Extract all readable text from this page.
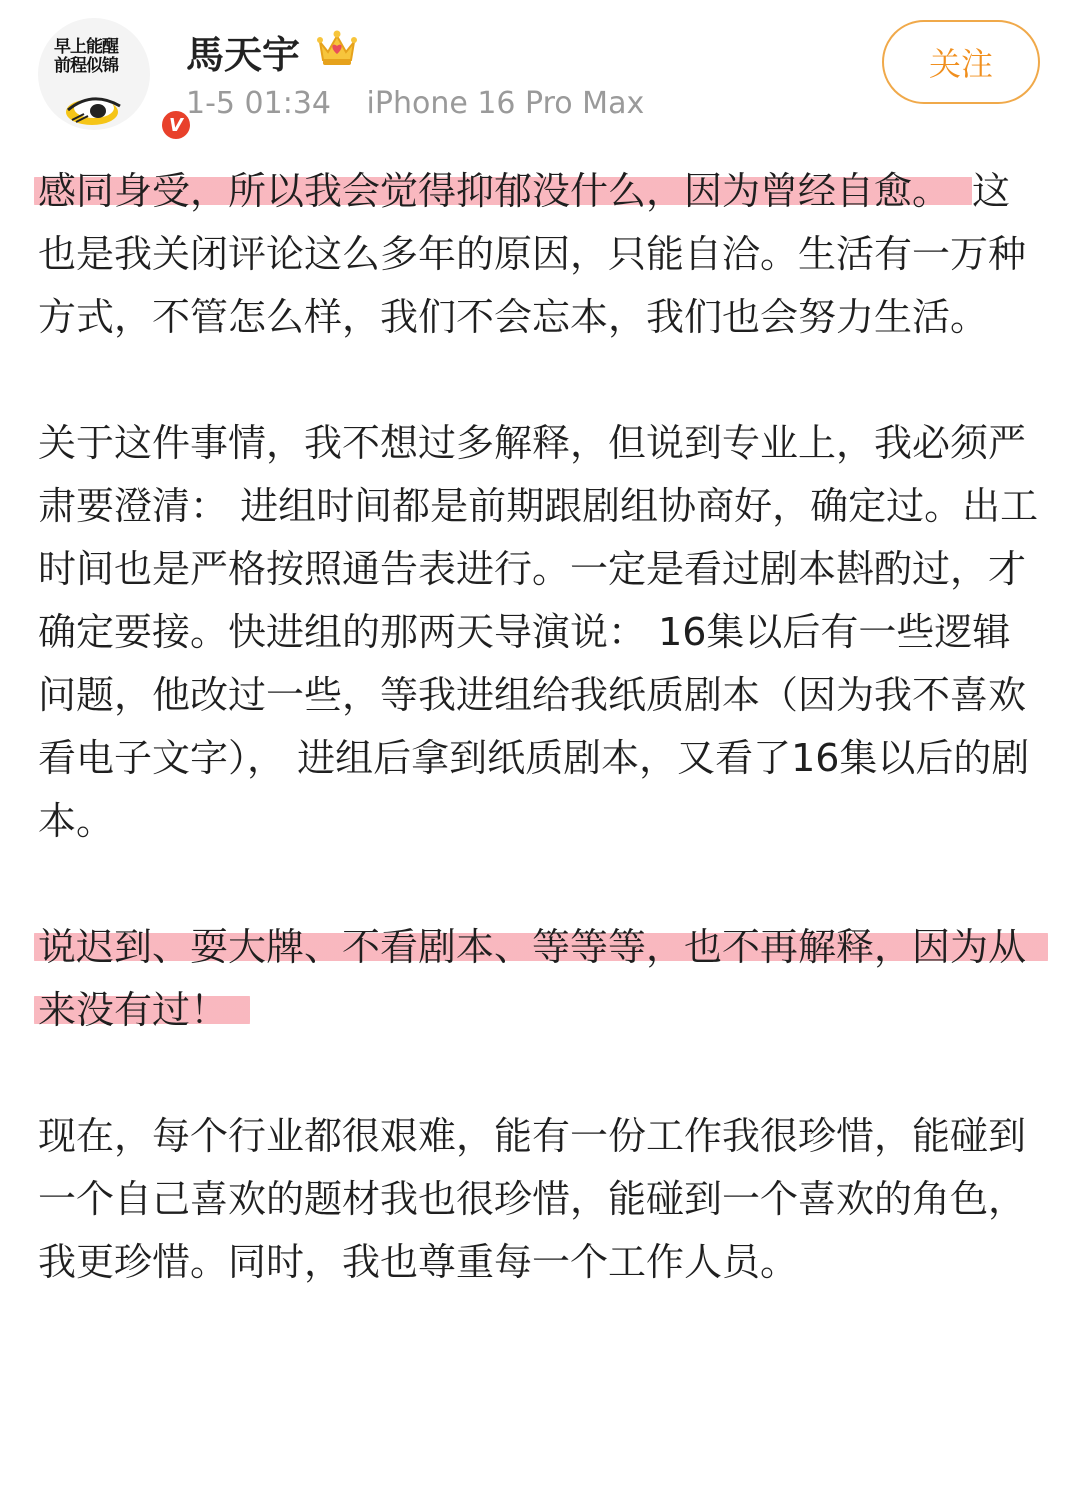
早上能醒
前程似锦
V
馬天宇
1-5 01:34 iPhone 16 Pro Max
关注

感同身受，所以我会觉得抑郁没什么，因为曾经自愈。 这也是我关闭评论这么多年的原因，只能自洽。生活有一万种方式，不管怎么样，我们不会忘本，我们也会努力生活。

关于这件事情，我不想过多解释，但说到专业上，我必须严肃要澄清： 进组时间都是前期跟剧组协商好，确定过。出工时间也是严格按照通告表进行。一定是看过剧本斟酌过，才确定要接。快进组的那两天导演说： 16集以后有一些逻辑问题，他改过一些，等我进组给我纸质剧本（因为我不喜欢看电子文字）， 进组后拿到纸质剧本，又看了16集以后的剧本。

说迟到、耍大牌、不看剧本、等等等，也不再解释，因为从来没有过！

现在，每个行业都很艰难，能有一份工作我很珍惜，能碰到一个自己喜欢的题材我也很珍惜，能碰到一个喜欢的角色，我更珍惜。同时，我也尊重每一个工作人员。
